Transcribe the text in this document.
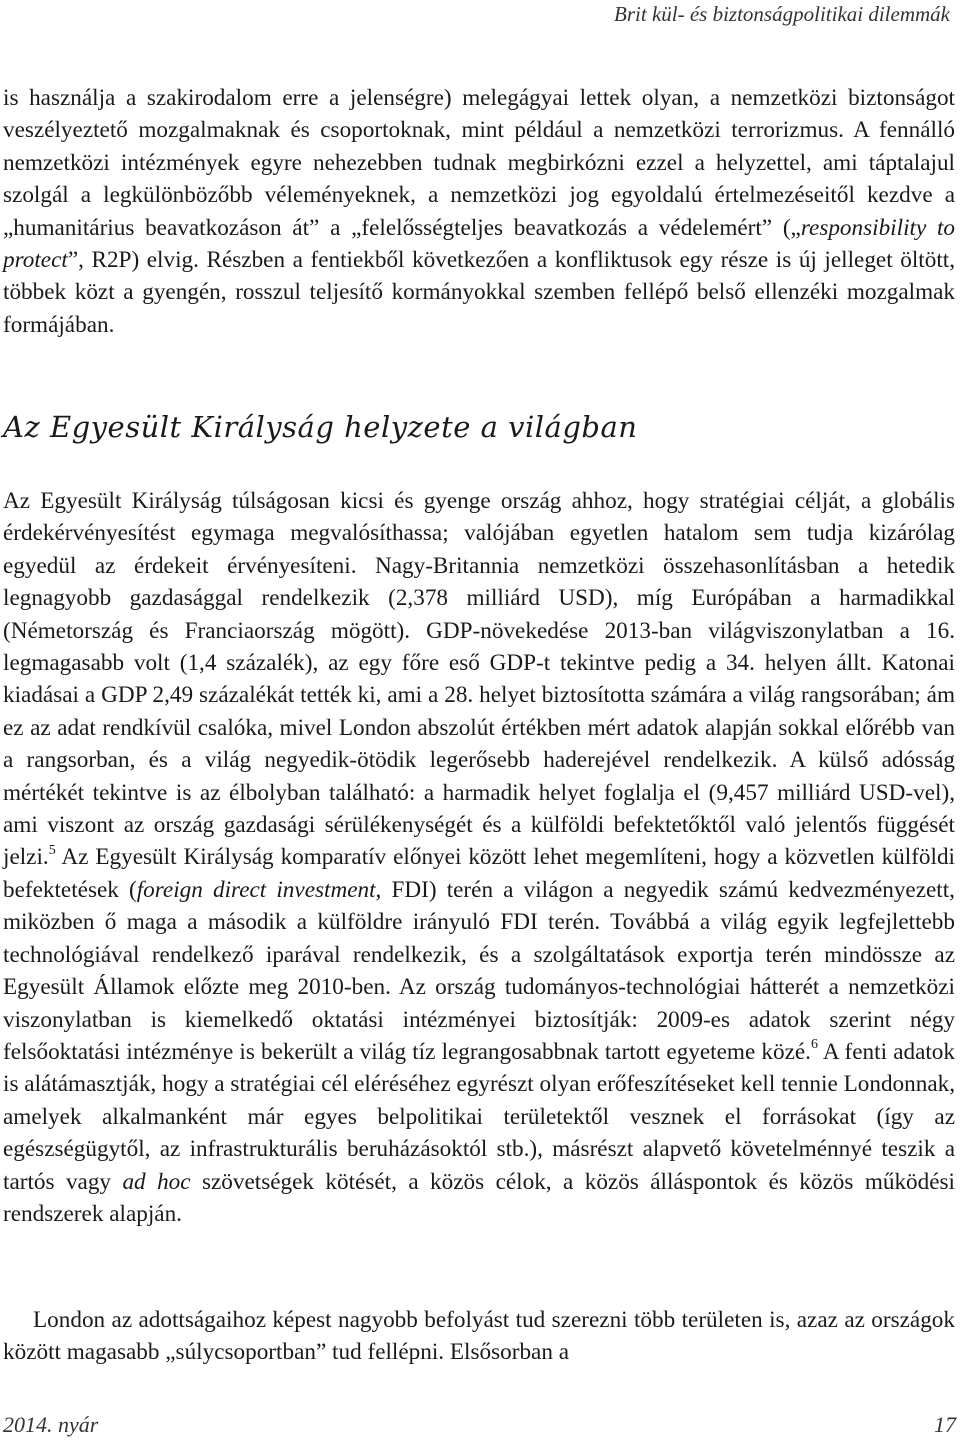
Brit kül- és biztonságpolitikai dilemmák

is használja a szakirodalom erre a jelenségre) melegágyai lettek olyan, a nemzetközi biztonságot veszélyeztető mozgalmaknak és csoportoknak, mint például a nemzetközi terrorizmus. A fennálló nemzetközi intézmények egyre nehezebben tudnak megbirkózni ezzel a helyzettel, ami táptalajul szolgál a legkülönbözőbb véleményeknek, a nemzetközi jog egyoldalú értelmezéseitől kezdve a „humanitárius beavatkozáson át” a „felelősségteljes beavatkozás a védelemért” („responsibility to protect”, R2P) elvig. Részben a fentiekből következően a konfliktusok egy része is új jelleget öltött, többek közt a gyengén, rosszul teljesítő kormányokkal szemben fellépő belső ellenzéki mozgalmak formájában.

Az Egyesült Királyság helyzete a világban

Az Egyesült Királyság túlságosan kicsi és gyenge ország ahhoz, hogy stratégiai célját, a globális érdekérvényesítést egymaga megvalósíthassa; valójában egyetlen hatalom sem tudja kizárólag egyedül az érdekeit érvényesíteni. Nagy-Britannia nemzetközi összehasonlításban a hetedik legnagyobb gazdasággal rendelkezik (2,378 milliárd USD), míg Európában a harmadikkal (Németország és Franciaország mögött). GDP-növekedése 2013-ban világviszonylatban a 16. legmagasabb volt (1,4 százalék), az egy főre eső GDP-t tekintve pedig a 34. helyen állt. Katonai kiadásai a GDP 2,49 százalékát tették ki, ami a 28. helyet biztosította számára a világ rangsorában; ám ez az adat rendkívül csalóka, mivel London abszolút értékben mért adatok alapján sokkal előrébb van a rangsorban, és a világ negyedik-ötödik legerősebb haderejével rendelkezik. A külső adósság mértékét tekintve is az élbolyban található: a harmadik helyet foglalja el (9,457 milliárd USD-vel), ami viszont az ország gazdasági sérülékenységét és a külföldi befektetőktől való jelentős függését jelzi.$^5$ Az Egyesült Királyság komparatív előnyei között lehet megemlíteni, hogy a közvetlen külföldi befektetések (foreign direct investment, FDI) terén a világon a negyedik számú kedvezményezett, miközben ő maga a második a külföldre irányuló FDI terén. Továbbá a világ egyik legfejlettebb technológiával rendelkező iparával rendelkezik, és a szolgáltatások exportja terén mindössze az Egyesült Államok előzte meg 2010-ben. Az ország tudományos-technológiai hátterét a nemzetközi viszonylatban is kiemelkedő oktatási intézményei biztosítják: 2009-es adatok szerint négy felsőoktatási intézménye is bekerült a világ tíz legrangosabbnak tartott egyeteme közé.$^6$ A fenti adatok is alátámasztják, hogy a stratégiai cél eléréséhez egyrészt olyan erőfeszítéseket kell tennie Londonnak, amelyek alkalmanként már egyes belpolitikai területektől vesznek el forrásokat (így az egészségügytől, az infrastrukturális beruházásoktól stb.), másrészt alapvető követelménnyé teszik a tartós vagy ad hoc szövetségek kötését, a közös célok, a közös álláspontok és közös működési rendszerek alapján.

London az adottságaihoz képest nagyobb befolyást tud szerezni több területen is, azaz az országok között magasabb „súlycsoportban” tud fellépni. Elsősorban a

2014. nyár	17
